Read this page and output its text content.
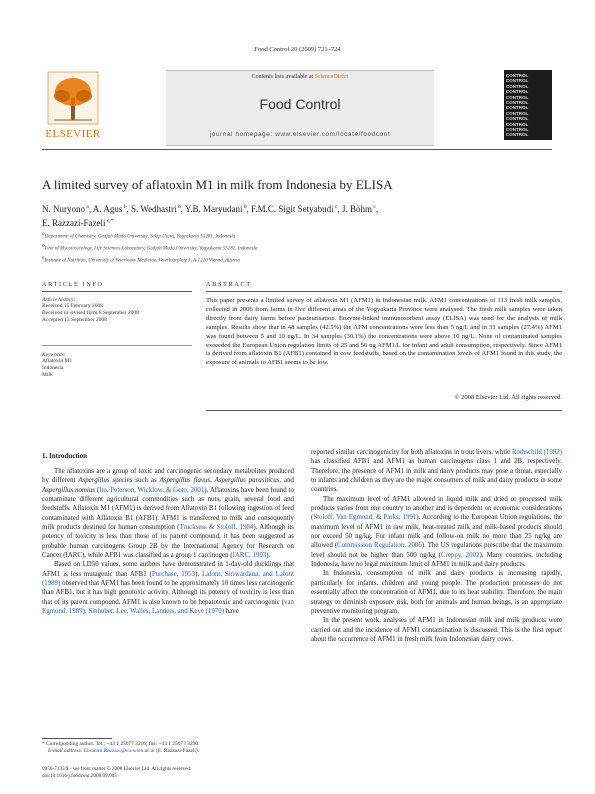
Food Control 20 (2009) 721–724
ELSEVIER
Contents lists available at ScienceDirect
Food Control
journal homepage: www.elsevier.com/locate/foodcont
CONTROL
CONTROL
CONTROL
CONTROL
CONTROL
CONTROL
CONTROL
CONTROL
CONTROL
CONTROL
CONTROL
CONTROL
A limited survey of aflatoxin M1 in milk from Indonesia by ELISA
N. Nuryono $^a$, A. Agus $^b$, S. Wedhastri $^b$, Y.B. Maryudani $^b$, F.M.C. Sigit Setyabudi $^c$, J. Böhm $^c$,
E. Razzazi-Fazeli $^{c,*}$
$^a$Department of Chemistry, Gadjah Mada University, Sekip Utara, Yogyakarta 55281, Indonesia
$^b$Unit of Mycotoxicology, Life Sciences Laboratory, Gadjah Mada University, Yogyakarta 55281, Indonesia
$^c$Institute of Nutrition, University of Veterinary Medicine, Veterinärplatz 1, A-1210 Vienna, Austria
ARTICLE INFO	ABSTRACT
Article history:
Received 15 February 2008
Received in revised form 8 September 2008
Accepted 13 September 2008
Keywords:
Aflatoxin M1
Indonesia
Milk
This paper presents a limited survey of aflatoxin M1 (AFM1) in Indonesian milk. AFM1 concentrations of 113 fresh milk samples, collected in 2006 from farms in five different areas of the Yogyakarta Province were analysed. The fresh milk samples were taken directly from dairy farms before pasteurisation. Enzyme-linked immunosorbent assay (ELISA) was used for the analysis of milk samples. Results show that in 48 samples (42.5%) the AFM concentrations were less than 5 ng/L and in 31 samples (27.4%) AFM1 was found between 5 and 10 ng/L. In 34 samples (30.1%) the concentrations were above 10 ng/L. None of contaminated samples exceeded the European Union regulation limits of 25 and 50 ng AFM1/L for infant and adult consumption, respectively. Since AFM1 is derived from aflatoxin B1 (AFB1) contained in cow feedstuffs, based on the contamination levels of AFM1 found in this study, the exposure of animals to AFB1 seems to be low.
© 2008 Elsevier Ltd. All rights reserved.
1. Introduction

The aflatoxins are a group of toxic and carcinogenic secondary metabolites produced by different Aspergillus species such as Aspergillus flavus, Aspergillus parasiticus, and Aspergillus nomius (Ito, Peterson, Wicklow, & Goto, 2001). Aflatoxins have been found to contaminate different agricultural commodities such as nuts, grain, several food and feedstuffs. Aflatoxin M1 (AFM1) is derived from Aflatoxin B1 following ingestion of feed contaminated with Aflatoxin B1 (AFB1). AFM1 is transferred to milk and consequently milk products destined for human consumption (Trucksess & Stoloff, 1984). Although its potency of toxicity is less than those of its parent compound, it has been suggested as probable human carcinogens Group 2B by the International Agency for Research on Cancer (IARC), while AFB1 was classified as a group 1 carcinogen (IARC, 1993).

Based on LD50 values, some authors have demonstrated in 1-day-old ducklings that AFM1 is less mutagenic than AFB1 (Purchase, 1953). Lafont, Siriwardana, and Lafont (1989) observed that AFM1 has been found to be approximately 10 times less carcinogenic than AFB1, but it has high genotoxic activity. Although its potency of toxicity is less than that of its parent compound, AFM1 is also known to be hepatotoxic and carcinogenic (van Egmond, 1989). Sinhuber, Lee, Walles, Landers, and Keye (1970) have

reported similar carcinogenicity for both aflatoxins in trout livers, while Rothschild (1992) has classified AFB1 and AFM1 as human carcinogens class 1 and 2B, respectively. Therefore, the presence of AFM1 in milk and dairy products may pose a threat, especially to infants and children as they are the major consumers of milk and dairy products in some countries.

The maximum level of AFM1 allowed in liquid milk and dried or processed milk products varies from one country to another and is dependent on economic considerations (Stoloff, Van Egmond, & Parks, 1991). According to the European Union regulations, the maximum level of AFM1 in raw milk, heat-treated milk and milk-based products should not exceed 50 ng/kg. For infant milk and follow-on milk no more than 25 ng/kg are allowed (Commission Regulation, 2006). The US regulations prescribe that the maximum level should not be higher than 500 ng/kg (Creppy, 2002). Many countries, including Indonesia, have no legal maximum limit of AFM1 in milk and dairy products.

In Indonesia, consumption of milk and dairy products is increasing rapidly, particularly for infants, children and young people. The production processes do not essentially affect the concentration of AFM1, due to its heat stability. Therefore, the main strategy to diminish exposure risk, both for animals and human beings, is an appropriate preventive monitoring program.

In the present work, analyses of AFM1 in Indonesian milk and milk products were carried out and the incidence of AFM1 contamination is discussed. This is the first report about the occurrence of AFM1 in fresh milk from Indonesian dairy cows.

* Corresponding author. Tel.: +43 1 25077 3216; fax: +43 1 25077 3290.
E-mail address: Ebrahim.Razzazi@vu-wien.ac.at (E. Razzazi-Fazeli).
0956-7135/$ - see front matter © 2008 Elsevier Ltd. All rights reserved.
doi:10.1016/j.foodcont.2008.09.005
